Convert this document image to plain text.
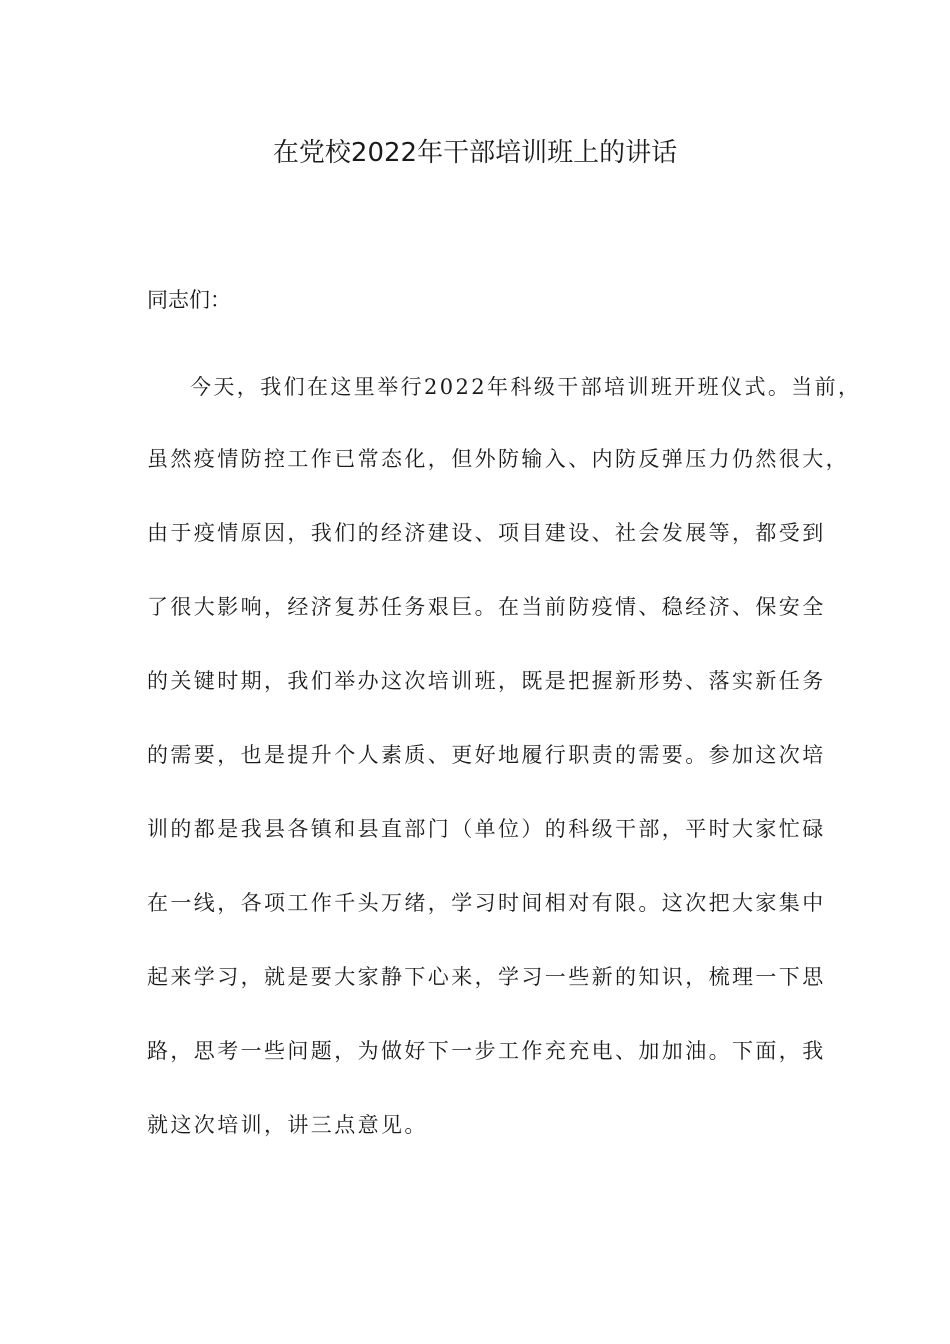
在党校2022年干部培训班上的讲话
同志们：
今天，我们在这里举行2022年科级干部培训班开班仪式。当前，
虽然疫情防控工作已常态化，但外防输入、内防反弹压力仍然很大，
由于疫情原因，我们的经济建设、项目建设、社会发展等，都受到
了很大影响，经济复苏任务艰巨。在当前防疫情、稳经济、保安全
的关键时期，我们举办这次培训班，既是把握新形势、落实新任务
的需要，也是提升个人素质、更好地履行职责的需要。参加这次培
训的都是我县各镇和县直部门（单位）的科级干部，平时大家忙碌
在一线，各项工作千头万绪，学习时间相对有限。这次把大家集中
起来学习，就是要大家静下心来，学习一些新的知识，梳理一下思
路，思考一些问题，为做好下一步工作充充电、加加油。下面，我
就这次培训，讲三点意见。
